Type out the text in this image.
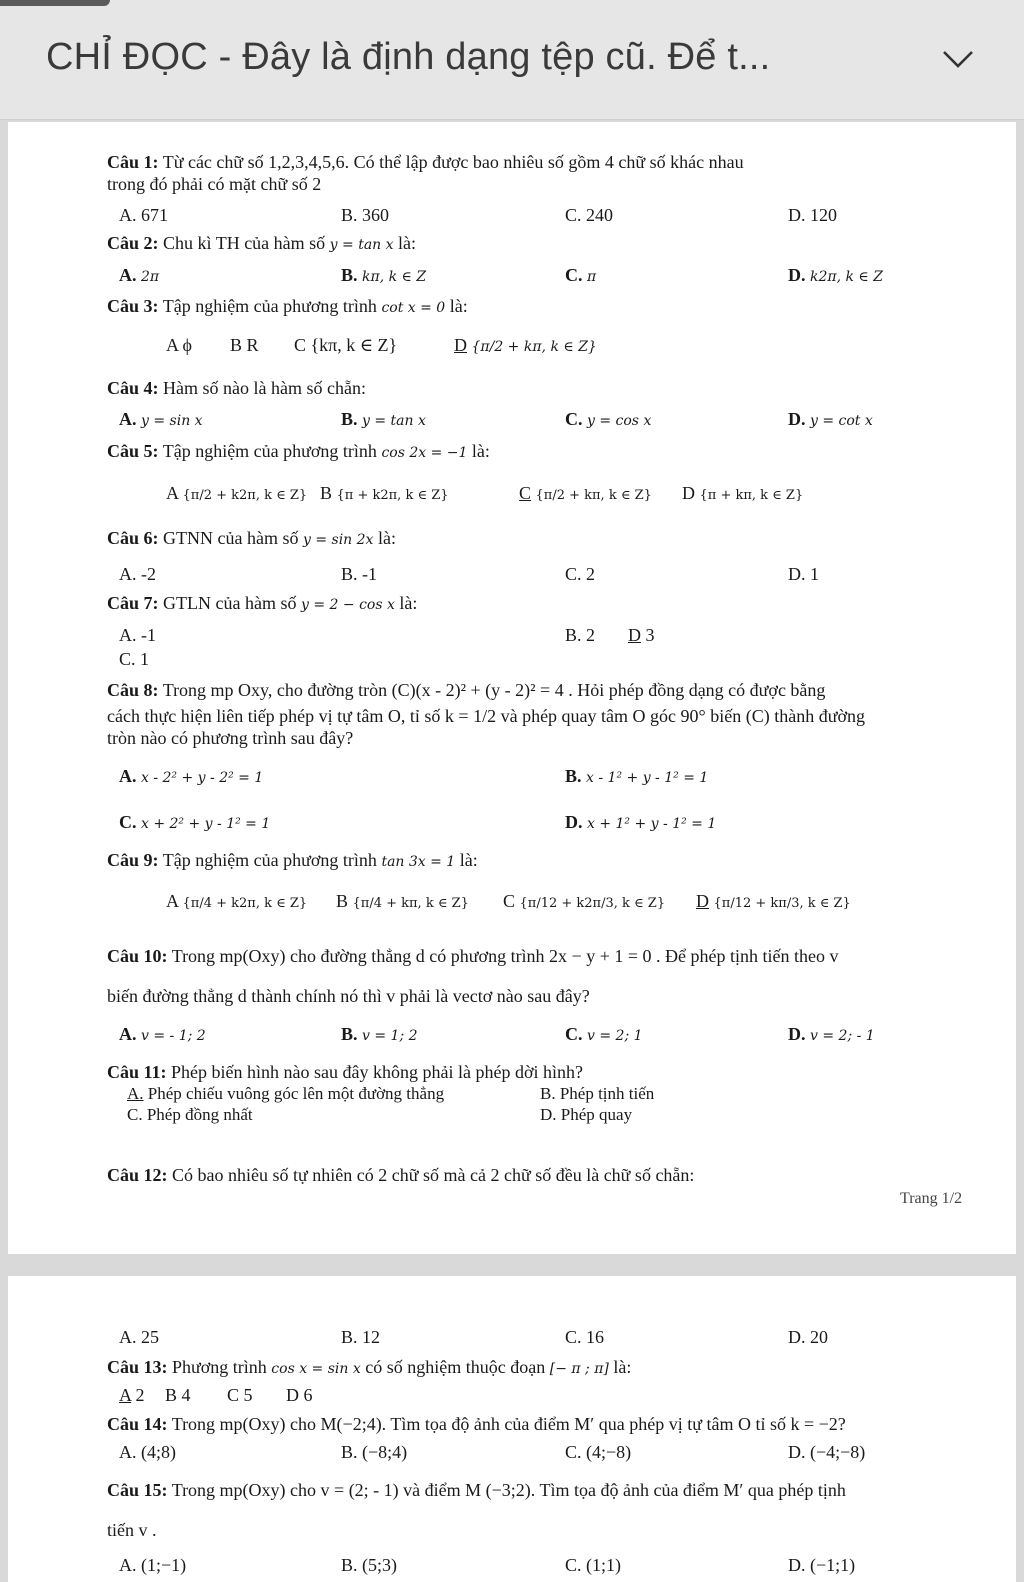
CHỈ ĐỌC - Đây là định dạng tệp cũ. Để t...
Câu 1: Từ các chữ số 1,2,3,4,5,6. Có thể lập được bao nhiêu số gồm 4 chữ số khác nhau
trong đó phải có mặt chữ số 2
A. 671	B. 360	C. 240	D. 120
Câu 2: Chu kì TH của hàm số y = tan x là:
A. 2π	B. kπ, k ∈ Z	C. π	D. k2π, k ∈ Z
Câu 3: Tập nghiệm của phương trình cot x = 0 là:
A ϕ B R C {kπ, k ∈ Z}	D {π/2 + kπ, k ∈ Z}
Câu 4: Hàm số nào là hàm số chẵn:
A. y = sin x	B. y = tan x	C. y = cos x	D. y = cot x
Câu 5: Tập nghiệm của phương trình cos 2x = −1 là:
A {π/2 + k2π, k ∈ Z} B {π + k2π, k ∈ Z}	C {π/2 + kπ, k ∈ Z} D {π + kπ, k ∈ Z}
Câu 6: GTNN của hàm số y = sin 2x là:
A. -2	B. -1	C. 2	D. 1
Câu 7: GTLN của hàm số y = 2 − cos x là:
A. -1	B. 2 D 3
C. 1
Câu 8: Trong mp Oxy, cho đường tròn (C)(x - 2)² + (y - 2)² = 4 . Hỏi phép đồng dạng có được bằng
cách thực hiện liên tiếp phép vị tự tâm O, tỉ số k = 1/2 và phép quay tâm O góc 90° biến (C) thành đường
tròn nào có phương trình sau đây?
A. x - 2² + y - 2² = 1	B. x - 1² + y - 1² = 1
C. x + 2² + y - 1² = 1	D. x + 1² + y - 1² = 1
Câu 9: Tập nghiệm của phương trình tan 3x = 1 là:
A {π/4 + k2π, k ∈ Z} B {π/4 + kπ, k ∈ Z} C {π/12 + k2π/3, k ∈ Z} D {π/12 + kπ/3, k ∈ Z}
Câu 10: Trong mp(Oxy) cho đường thẳng d có phương trình 2x − y + 1 = 0 . Để phép tịnh tiến theo v
biến đường thẳng d thành chính nó thì v phải là vectơ nào sau đây?
A. v = - 1; 2	B. v = 1; 2	C. v = 2; 1	D. v = 2; - 1
Câu 11: Phép biến hình nào sau đây không phải là phép dời hình?
A. Phép chiếu vuông góc lên một đường thẳng	B. Phép tịnh tiến
C. Phép đồng nhất	D. Phép quay
Câu 12: Có bao nhiêu số tự nhiên có 2 chữ số mà cả 2 chữ số đều là chữ số chẵn:
Trang 1/2
A. 25	B. 12	C. 16	D. 20
Câu 13: Phương trình cos x = sin x có số nghiệm thuộc đoạn [− π ; π] là:
A 2 B 4 C 5 D 6
Câu 14: Trong mp(Oxy) cho M(−2;4). Tìm tọa độ ảnh của điểm M′ qua phép vị tự tâm O tỉ số k = −2?
A. (4;8)	B. (−8;4)	C. (4;−8)	D. (−4;−8)
Câu 15: Trong mp(Oxy) cho v = (2; - 1) và điểm M (−3;2). Tìm tọa độ ảnh của điểm M′ qua phép tịnh
tiến v .
A. (1;−1)	B. (5;3)	C. (1;1)	D. (−1;1)
